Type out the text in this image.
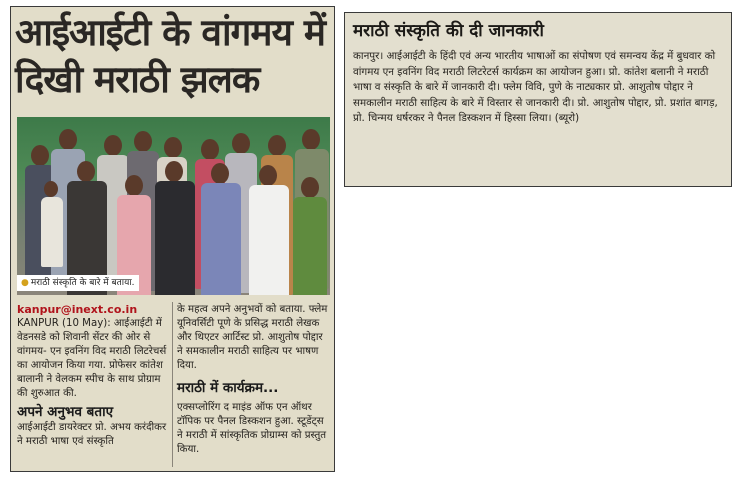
आईआईटी के वांगमय में दिखी मराठी झलक
● मराठी संस्कृति के बारे में बताया.
kanpur@inext.co.in
KANPUR (10 May): आईआईटी में वेडनसडे को शिवानी सेंटर की ओर से वांगमय- एन इवनिंग विद मराठी लिटरेचर्स का आयोजन किया गया. प्रोफेसर कांतेश बालानी ने वेलकम स्पीच के साथ प्रोग्राम की शुरुआत की.
अपने अनुभव बताए
आईआईटी डायरेक्टर प्रो. अभय करंदीकर ने मराठी भाषा एवं संस्कृति
के महत्व अपने अनुभवों को बताया. फ्लेम यूनिवर्सिटी पूणे के प्रसिद्ध मराठी लेखक और थिएटर आर्टिस्ट प्रो. आशुतोष पोद्दार ने समकालीन मराठी साहित्य पर भाषण दिया.
मराठी में कार्यक्रम...
एक्सप्लोरिंग द माइंड ऑफ एन ऑथर टॉपिक पर पैनल डिस्कशन हुआ. स्टूडेंट्स ने मराठी में सांस्कृतिक प्रोग्राम्स को प्रस्तुत किया.
मराठी संस्कृति की दी जानकारी
कानपुर। आईआईटी के हिंदी एवं अन्य भारतीय भाषाओं का संपोषण एवं समन्वय केंद्र में बुधवार को वांगमय एन इवनिंग विद मराठी लिटरेटर्स कार्यक्रम का आयोजन हुआ। प्रो. कांतेश बलानी ने मराठी भाषा व संस्कृति के बारे में जानकारी दी। फ्लेम विवि, पुणे के नाट्यकार प्रो. आशुतोष पोद्दार ने समकालीन मराठी साहित्य के बारे में विस्तार से जानकारी दी। प्रो. आशुतोष पोद्दार, प्रो. प्रशांत बागड़, प्रो. चिन्मय धर्षरकर ने पैनल डिस्कशन में हिस्सा लिया। (ब्यूरो)
